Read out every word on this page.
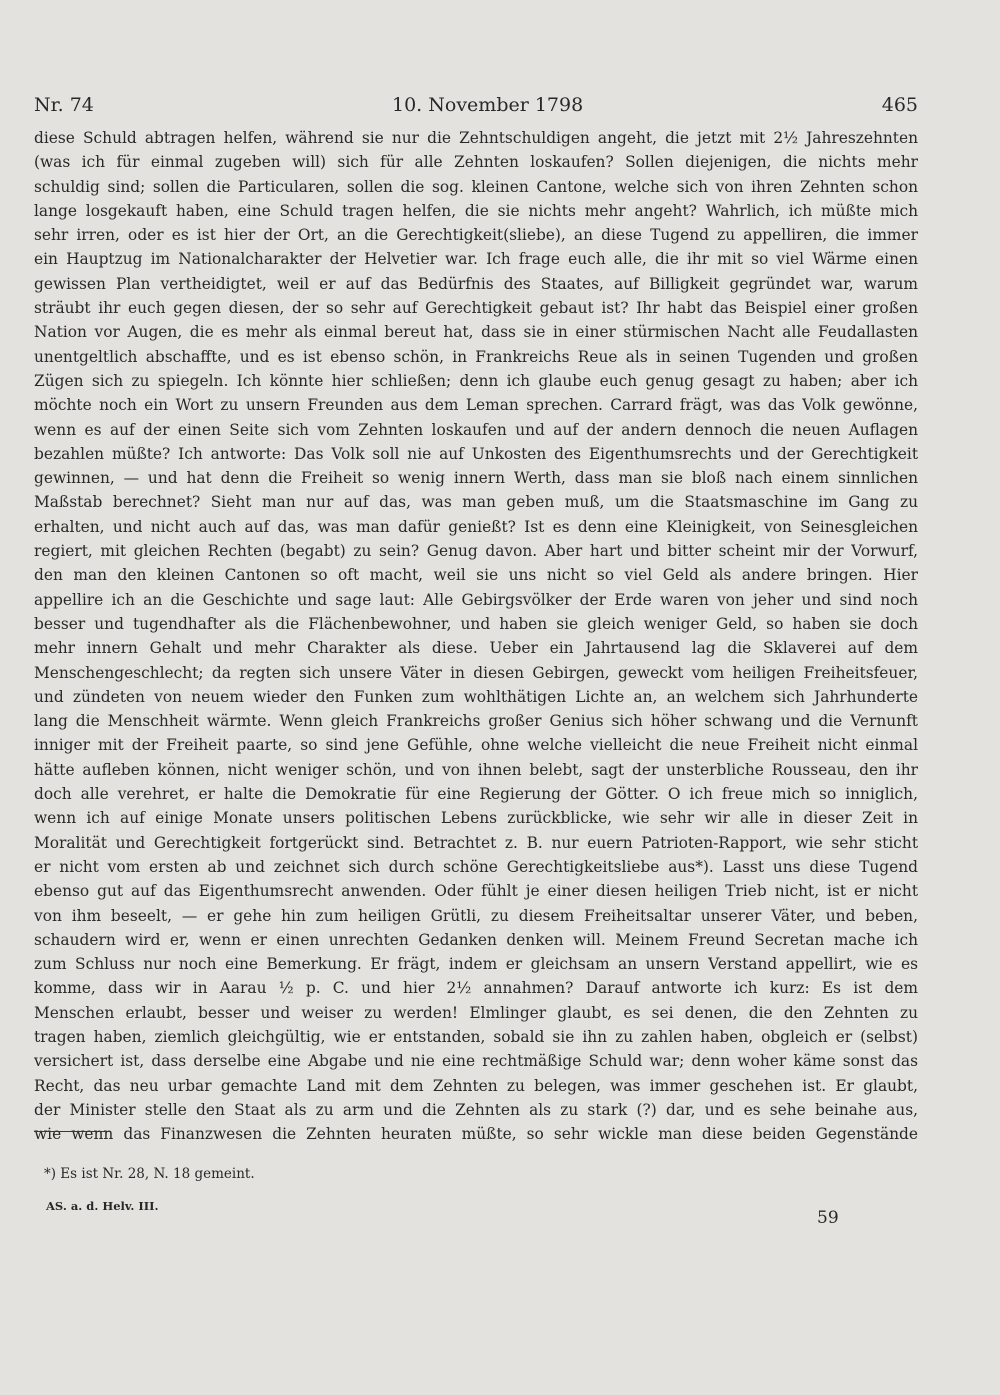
Nr. 74	10. November 1798	465
diese Schuld abtragen helfen, während sie nur die Zehntschuldigen angeht, die jetzt mit 2½ Jahreszehnten
(was ich für einmal zugeben will) sich für alle Zehnten loskaufen? Sollen diejenigen, die nichts mehr
schuldig sind; sollen die Particularen, sollen die sog. kleinen Cantone, welche sich von ihren Zehnten schon
lange losgekauft haben, eine Schuld tragen helfen, die sie nichts mehr angeht? Wahrlich, ich müßte mich
sehr irren, oder es ist hier der Ort, an die Gerechtigkeit(sliebe), an diese Tugend zu appelliren, die immer
ein Hauptzug im Nationalcharakter der Helvetier war. Ich frage euch alle, die ihr mit so viel Wärme einen
gewissen Plan vertheidigtet, weil er auf das Bedürfnis des Staates, auf Billigkeit gegründet war, warum
sträubt ihr euch gegen diesen, der so sehr auf Gerechtigkeit gebaut ist? Ihr habt das Beispiel einer großen
Nation vor Augen, die es mehr als einmal bereut hat, dass sie in einer stürmischen Nacht alle Feudallasten
unentgeltlich abschaffte, und es ist ebenso schön, in Frankreichs Reue als in seinen Tugenden und großen
Zügen sich zu spiegeln. Ich könnte hier schließen; denn ich glaube euch genug gesagt zu haben; aber ich
möchte noch ein Wort zu unsern Freunden aus dem Leman sprechen. Carrard frägt, was das Volk gewönne,
wenn es auf der einen Seite sich vom Zehnten loskaufen und auf der andern dennoch die neuen Auflagen
bezahlen müßte? Ich antworte: Das Volk soll nie auf Unkosten des Eigenthumsrechts und der Gerechtigkeit
gewinnen, — und hat denn die Freiheit so wenig innern Werth, dass man sie bloß nach einem sinnlichen
Maßstab berechnet? Sieht man nur auf das, was man geben muß, um die Staatsmaschine im Gang zu
erhalten, und nicht auch auf das, was man dafür genießt? Ist es denn eine Kleinigkeit, von Seinesgleichen
regiert, mit gleichen Rechten (begabt) zu sein? Genug davon. Aber hart und bitter scheint mir der Vorwurf,
den man den kleinen Cantonen so oft macht, weil sie uns nicht so viel Geld als andere bringen. Hier
appellire ich an die Geschichte und sage laut: Alle Gebirgsvölker der Erde waren von jeher und sind noch
besser und tugendhafter als die Flächenbewohner, und haben sie gleich weniger Geld, so haben sie doch
mehr innern Gehalt und mehr Charakter als diese. Ueber ein Jahrtausend lag die Sklaverei auf dem
Menschengeschlecht; da regten sich unsere Väter in diesen Gebirgen, geweckt vom heiligen Freiheitsfeuer,
und zündeten von neuem wieder den Funken zum wohlthätigen Lichte an, an welchem sich Jahrhunderte
lang die Menschheit wärmte. Wenn gleich Frankreichs großer Genius sich höher schwang und die Vernunft
inniger mit der Freiheit paarte, so sind jene Gefühle, ohne welche vielleicht die neue Freiheit nicht einmal
hätte aufleben können, nicht weniger schön, und von ihnen belebt, sagt der unsterbliche Rousseau, den ihr
doch alle verehret, er halte die Demokratie für eine Regierung der Götter. O ich freue mich so inniglich,
wenn ich auf einige Monate unsers politischen Lebens zurückblicke, wie sehr wir alle in dieser Zeit in
Moralität und Gerechtigkeit fortgerückt sind. Betrachtet z. B. nur euern Patrioten-Rapport, wie sehr sticht
er nicht vom ersten ab und zeichnet sich durch schöne Gerechtigkeitsliebe aus*). Lasst uns diese Tugend
ebenso gut auf das Eigenthumsrecht anwenden. Oder fühlt je einer diesen heiligen Trieb nicht, ist er nicht
von ihm beseelt, — er gehe hin zum heiligen Grütli, zu diesem Freiheitsaltar unserer Väter, und beben,
schaudern wird er, wenn er einen unrechten Gedanken denken will. Meinem Freund Secretan mache ich
zum Schluss nur noch eine Bemerkung. Er frägt, indem er gleichsam an unsern Verstand appellirt, wie es
komme, dass wir in Aarau ½ p. C. und hier 2½ annahmen? Darauf antworte ich kurz: Es ist dem
Menschen erlaubt, besser und weiser zu werden! Elmlinger glaubt, es sei denen, die den Zehnten zu
tragen haben, ziemlich gleichgültig, wie er entstanden, sobald sie ihn zu zahlen haben, obgleich er (selbst)
versichert ist, dass derselbe eine Abgabe und nie eine rechtmäßige Schuld war; denn woher käme sonst das
Recht, das neu urbar gemachte Land mit dem Zehnten zu belegen, was immer geschehen ist. Er glaubt,
der Minister stelle den Staat als zu arm und die Zehnten als zu stark (?) dar, und es sehe beinahe aus,
wie wenn das Finanzwesen die Zehnten heuraten müßte, so sehr wickle man diese beiden Gegenstände
*) Es ist Nr. 28, N. 18 gemeint.
AS. a. d. Helv. III.
59
